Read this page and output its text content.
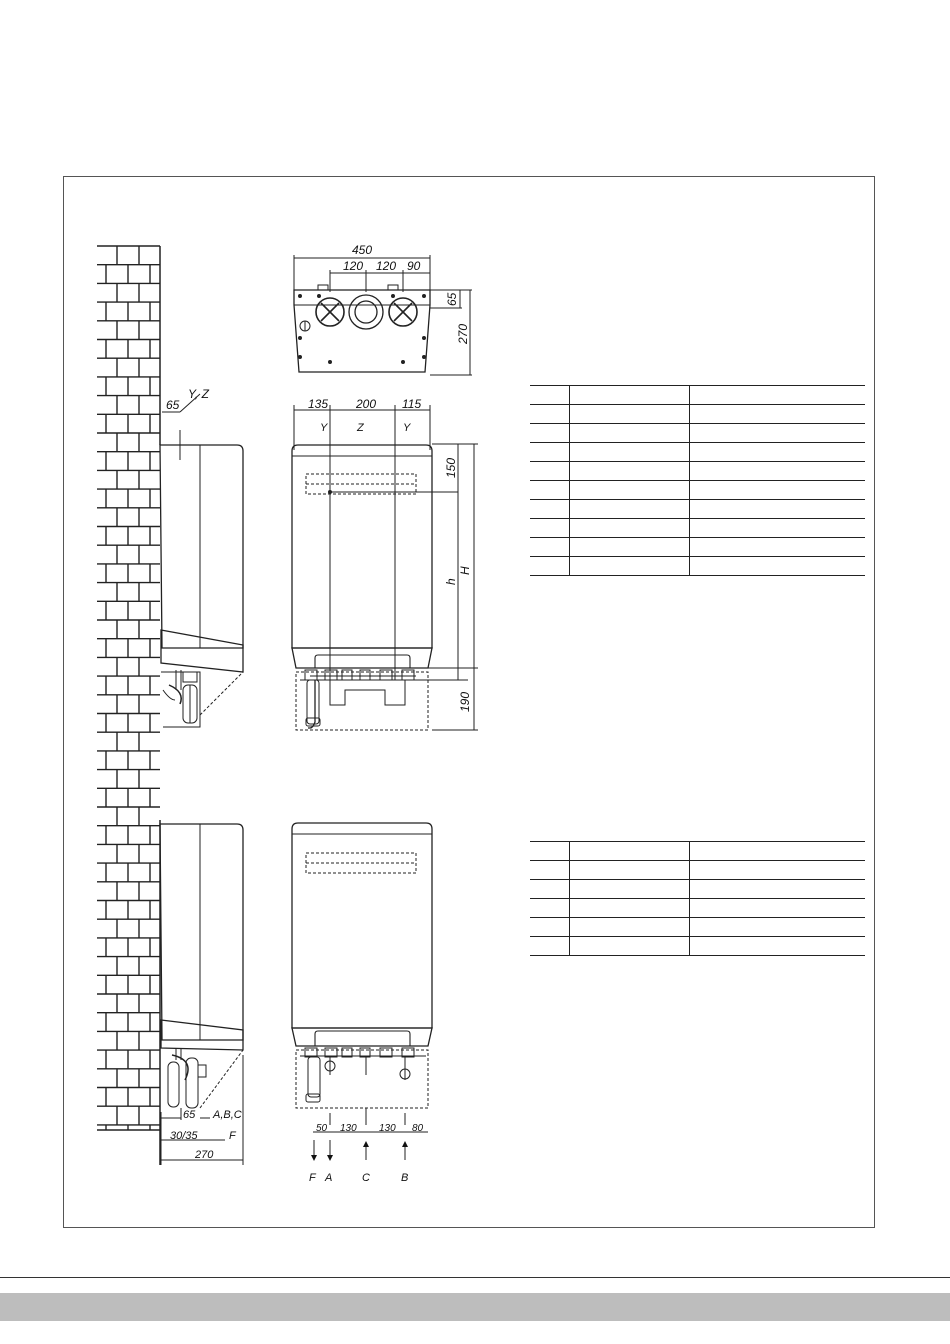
450
120 120 90
65
270
Y, Z
65	135 200 115
Y	Z	Y
150
h
H
190
65 A,B,C
30/35	F
270
50 130 130 80
F A	C	B
